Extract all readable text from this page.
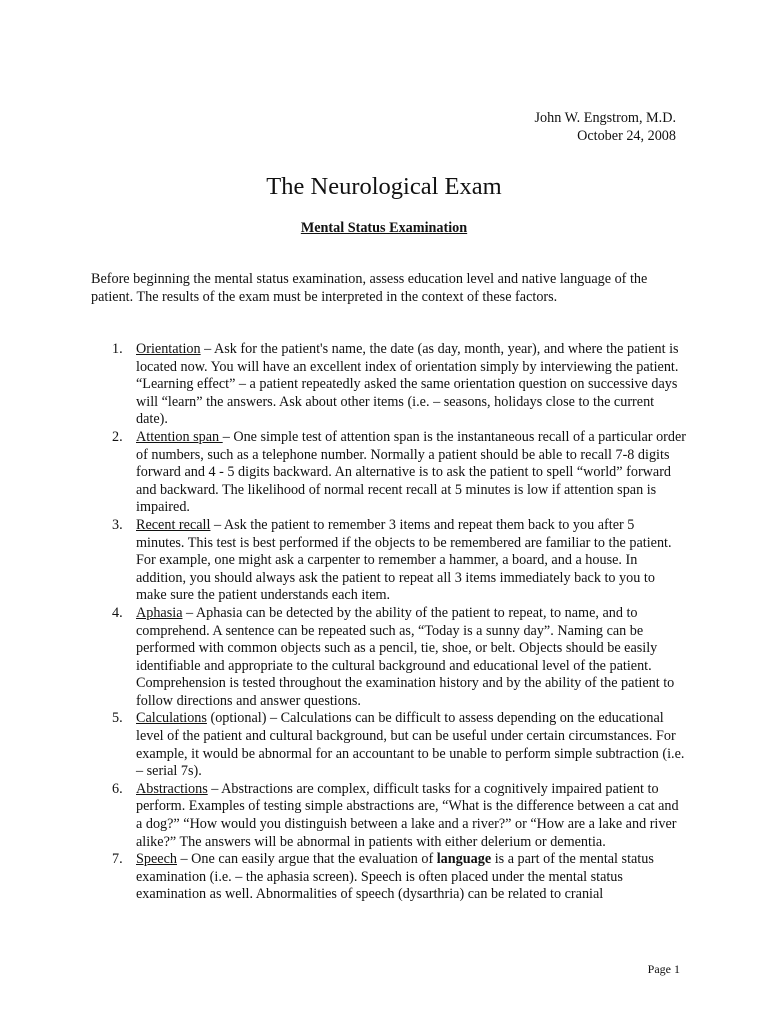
John W. Engstrom, M.D.
October 24, 2008
The Neurological Exam
Mental Status Examination

Before beginning the mental status examination, assess education level and native language of the patient. The results of the exam must be interpreted in the context of these factors.

1. Orientation – Ask for the patient's name, the date (as day, month, year), and where the patient is located now. You will have an excellent index of orientation simply by interviewing the patient. “Learning effect” – a patient repeatedly asked the same orientation question on successive days will “learn” the answers. Ask about other items (i.e. – seasons, holidays close to the current date).
2. Attention span – One simple test of attention span is the instantaneous recall of a particular order of numbers, such as a telephone number. Normally a patient should be able to recall 7-8 digits forward and 4 - 5 digits backward. An alternative is to ask the patient to spell “world” forward and backward. The likelihood of normal recent recall at 5 minutes is low if attention span is impaired.
3. Recent recall – Ask the patient to remember 3 items and repeat them back to you after 5 minutes. This test is best performed if the objects to be remembered are familiar to the patient. For example, one might ask a carpenter to remember a hammer, a board, and a house. In addition, you should always ask the patient to repeat all 3 items immediately back to you to make sure the patient understands each item.
4. Aphasia – Aphasia can be detected by the ability of the patient to repeat, to name, and to comprehend. A sentence can be repeated such as, “Today is a sunny day”. Naming can be performed with common objects such as a pencil, tie, shoe, or belt. Objects should be easily identifiable and appropriate to the cultural background and educational level of the patient. Comprehension is tested throughout the examination history and by the ability of the patient to follow directions and answer questions.
5. Calculations (optional) – Calculations can be difficult to assess depending on the educational level of the patient and cultural background, but can be useful under certain circumstances. For example, it would be abnormal for an accountant to be unable to perform simple subtraction (i.e. – serial 7s).
6. Abstractions – Abstractions are complex, difficult tasks for a cognitively impaired patient to perform. Examples of testing simple abstractions are, “What is the difference between a cat and a dog?” “How would you distinguish between a lake and a river?” or “How are a lake and river alike?” The answers will be abnormal in patients with either delerium or dementia.
7. Speech – One can easily argue that the evaluation of language is a part of the mental status examination (i.e. – the aphasia screen). Speech is often placed under the mental status examination as well. Abnormalities of speech (dysarthria) can be related to cranial
Page 1
